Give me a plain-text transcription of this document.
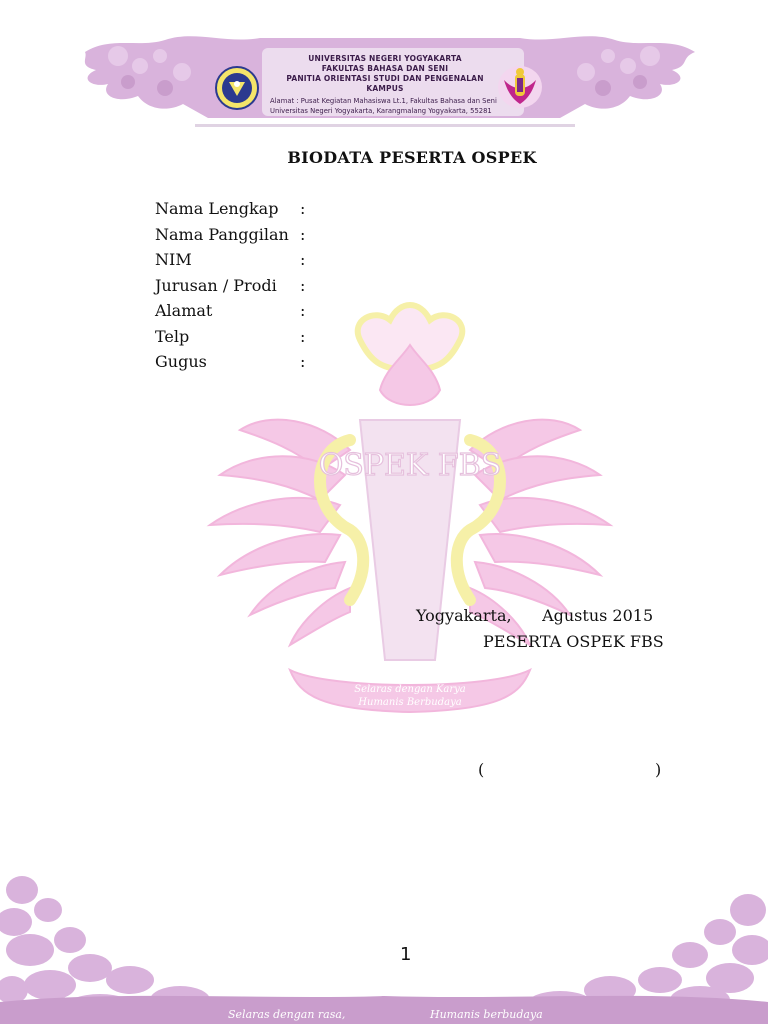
UNIVERSITAS NEGERI YOGYAKARTA
FAKULTAS BAHASA DAN SENI
PANITIA ORIENTASI STUDI DAN PENGENALAN KAMPUS
Alamat : Pusat Kegiatan Mahasiswa Lt.1, Fakultas Bahasa dan Seni
Universitas Negeri Yogyakarta, Karangmalang Yogyakarta, 55281
OSPEK FBS
Selaras dengan Karya
Humanis Berbudaya
BIODATA PESERTA OSPEK
Nama Lengkap :
Nama Panggilan :
NIM	:
Jurusan / Prodi :
Alamat	:
Telp	:
Gugus	:
Yogyakarta,      Agustus 2015
PESERTA OSPEK FBS
(	)
1
Selaras dengan rasa,	Humanis berbudaya
